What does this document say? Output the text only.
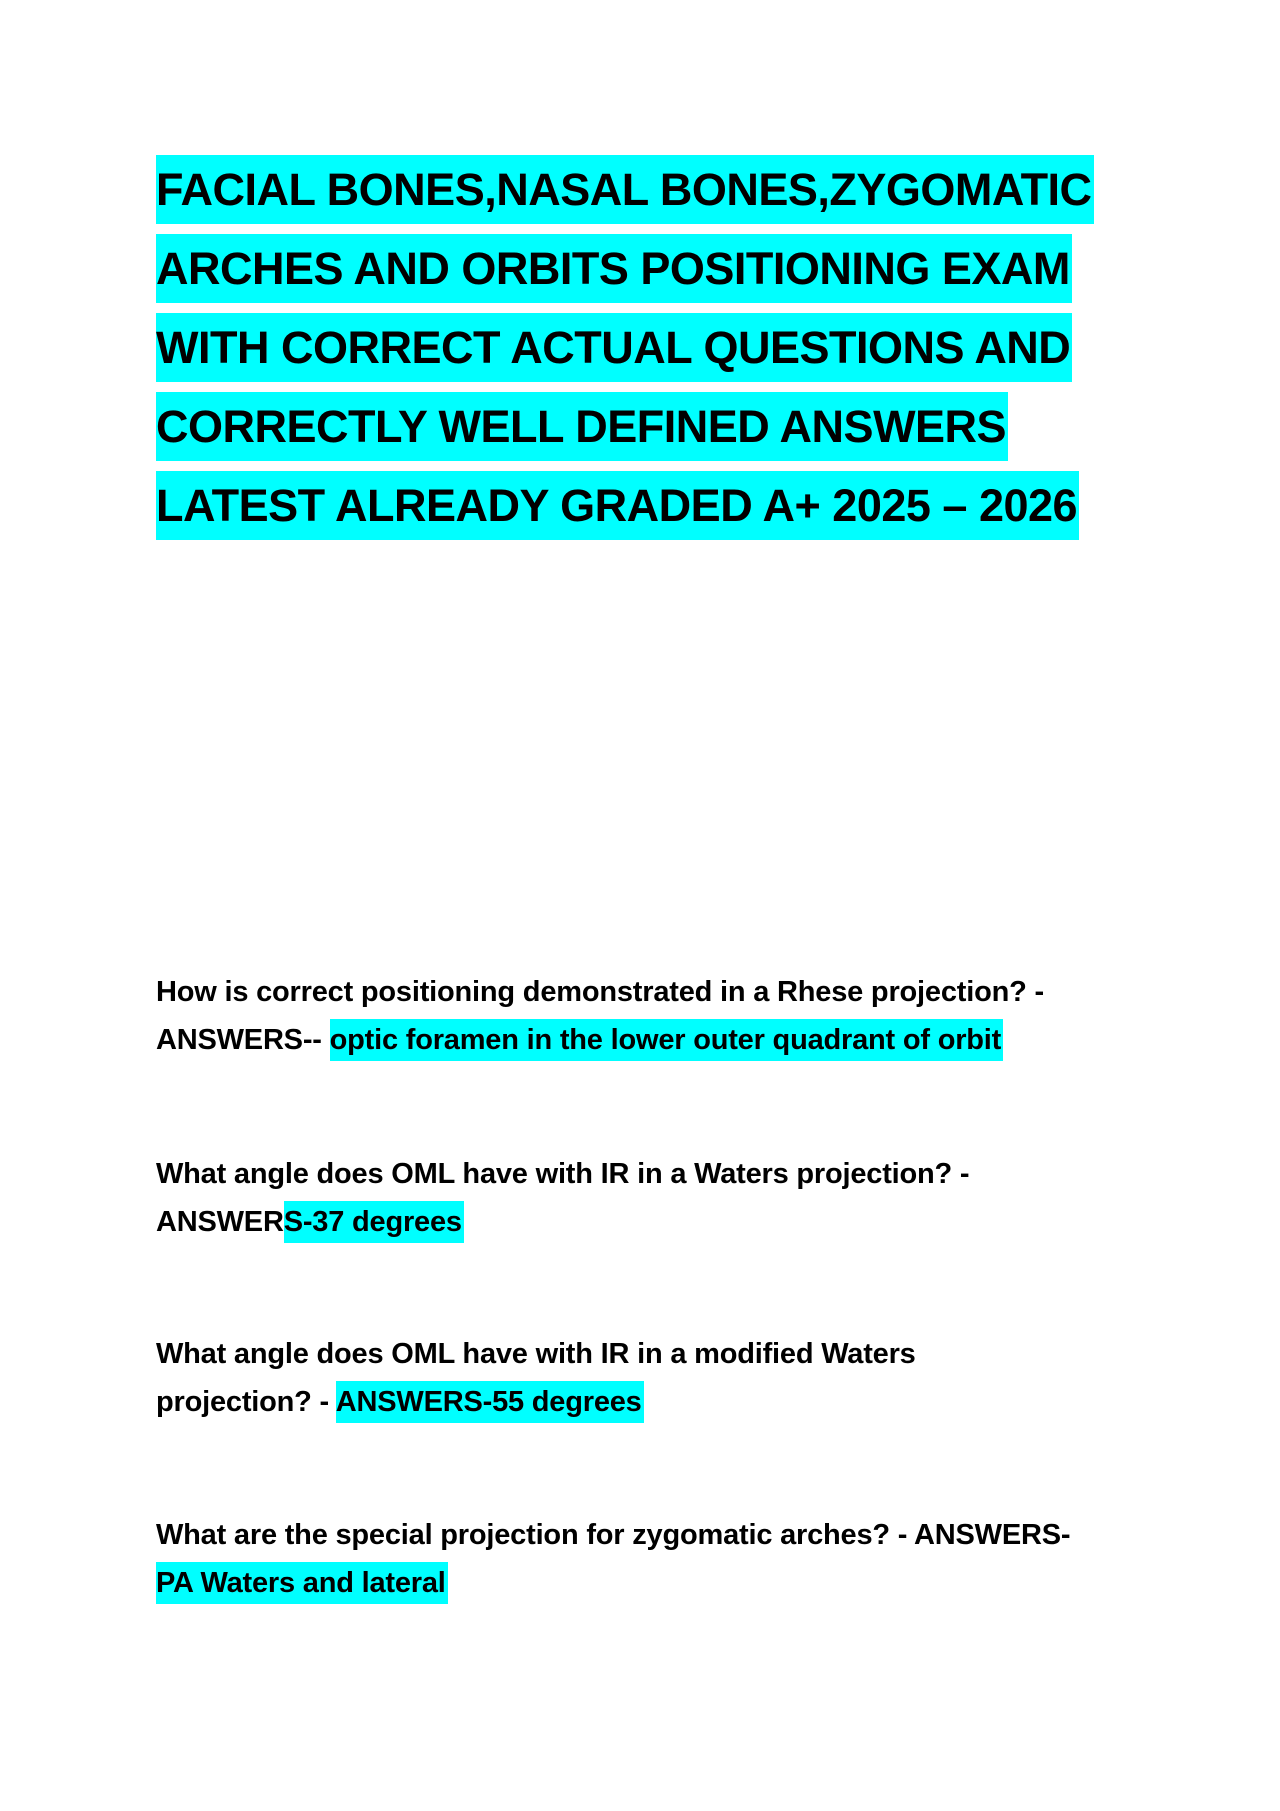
FACIAL BONES,NASAL BONES,ZYGOMATIC
ARCHES AND ORBITS POSITIONING EXAM
WITH CORRECT ACTUAL QUESTIONS AND
CORRECTLY WELL DEFINED ANSWERS
LATEST ALREADY GRADED A+ 2025 – 2026
How is correct positioning demonstrated in a Rhese projection? -
ANSWERS-- optic foramen in the lower outer quadrant of orbit
What angle does OML have with IR in a Waters projection? -
ANSWERS-37 degrees
What angle does OML have with IR in a modified Waters
projection? - ANSWERS-55 degrees
What are the special projection for zygomatic arches? - ANSWERS-
PA Waters and lateral
